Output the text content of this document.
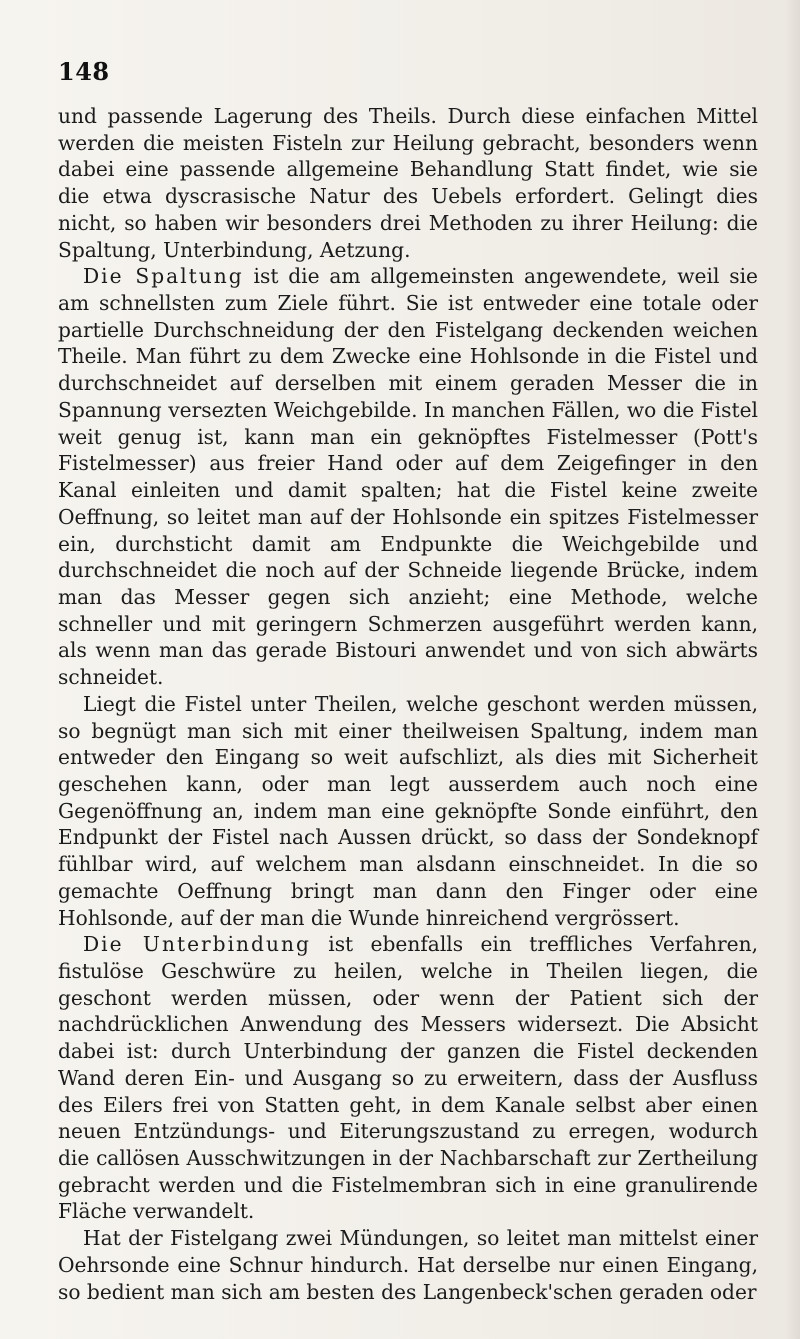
148

und passende Lagerung des Theils. Durch diese einfachen Mittel werden die meisten Fisteln zur Heilung gebracht, besonders wenn dabei eine passende allgemeine Behandlung Statt findet, wie sie die etwa dyscrasische Natur des Uebels erfordert. Gelingt dies nicht, so haben wir besonders drei Methoden zu ihrer Heilung: die Spaltung, Unterbindung, Aetzung.

Die Spaltung ist die am allgemeinsten angewendete, weil sie am schnellsten zum Ziele führt. Sie ist entweder eine totale oder partielle Durchschneidung der den Fistelgang deckenden weichen Theile. Man führt zu dem Zwecke eine Hohlsonde in die Fistel und durchschneidet auf derselben mit einem geraden Messer die in Spannung versezten Weichgebilde. In manchen Fällen, wo die Fistel weit genug ist, kann man ein geknöpftes Fistelmesser (Pott's Fistelmesser) aus freier Hand oder auf dem Zeigefinger in den Kanal einleiten und damit spalten; hat die Fistel keine zweite Oeffnung, so leitet man auf der Hohlsonde ein spitzes Fistelmesser ein, durchsticht damit am Endpunkte die Weichgebilde und durchschneidet die noch auf der Schneide liegende Brücke, indem man das Messer gegen sich anzieht; eine Methode, welche schneller und mit geringern Schmerzen ausgeführt werden kann, als wenn man das gerade Bistouri anwendet und von sich abwärts schneidet.

Liegt die Fistel unter Theilen, welche geschont werden müssen, so begnügt man sich mit einer theilweisen Spaltung, indem man entweder den Eingang so weit aufschlizt, als dies mit Sicherheit geschehen kann, oder man legt ausserdem auch noch eine Gegenöffnung an, indem man eine geknöpfte Sonde einführt, den Endpunkt der Fistel nach Aussen drückt, so dass der Sondeknopf fühlbar wird, auf welchem man alsdann einschneidet. In die so gemachte Oeffnung bringt man dann den Finger oder eine Hohlsonde, auf der man die Wunde hinreichend vergrössert.

Die Unterbindung ist ebenfalls ein treffliches Verfahren, fistulöse Geschwüre zu heilen, welche in Theilen liegen, die geschont werden müssen, oder wenn der Patient sich der nachdrücklichen Anwendung des Messers widersezt. Die Absicht dabei ist: durch Unterbindung der ganzen die Fistel deckenden Wand deren Ein- und Ausgang so zu erweitern, dass der Ausfluss des Eilers frei von Statten geht, in dem Kanale selbst aber einen neuen Entzündungs- und Eiterungszustand zu erregen, wodurch die callösen Ausschwitzungen in der Nachbarschaft zur Zertheilung gebracht werden und die Fistelmembran sich in eine granulirende Fläche verwandelt.

Hat der Fistelgang zwei Mündungen, so leitet man mittelst einer Oehrsonde eine Schnur hindurch. Hat derselbe nur einen Eingang, so bedient man sich am besten des Langenbeck'schen geraden oder
